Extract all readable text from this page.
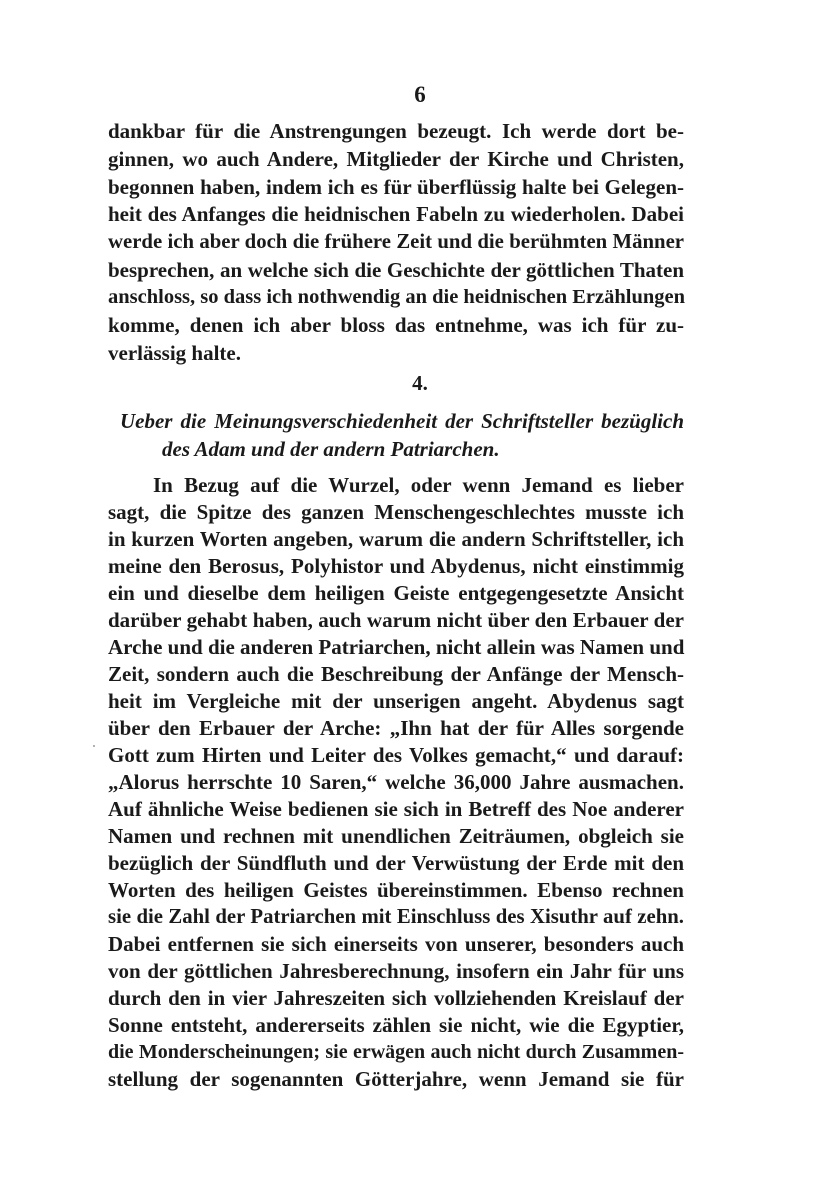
6
dankbar für die Anstrengungen bezeugt. Ich werde dort be-
ginnen, wo auch Andere, Mitglieder der Kirche und Christen,
begonnen haben, indem ich es für überflüssig halte bei Gelegen-
heit des Anfanges die heidnischen Fabeln zu wiederholen. Dabei
werde ich aber doch die frühere Zeit und die berühmten Männer
besprechen, an welche sich die Geschichte der göttlichen Thaten
anschloss, so dass ich nothwendig an die heidnischen Erzählungen
komme, denen ich aber bloss das entnehme, was ich für zu-
verlässig halte.
4.
Ueber die Meinungsverschiedenheit der Schriftsteller bezüglich
des Adam und der andern Patriarchen.
In Bezug auf die Wurzel, oder wenn Jemand es lieber
sagt, die Spitze des ganzen Menschengeschlechtes musste ich
in kurzen Worten angeben, warum die andern Schriftsteller, ich
meine den Berosus, Polyhistor und Abydenus, nicht einstimmig
ein und dieselbe dem heiligen Geiste entgegengesetzte Ansicht
darüber gehabt haben, auch warum nicht über den Erbauer der
Arche und die anderen Patriarchen, nicht allein was Namen und
Zeit, sondern auch die Beschreibung der Anfänge der Mensch-
heit im Vergleiche mit der unserigen angeht. Abydenus sagt
über den Erbauer der Arche: „Ihn hat der für Alles sorgende
Gott zum Hirten und Leiter des Volkes gemacht,“ und darauf:
„Alorus herrschte 10 Saren,“ welche 36,000 Jahre ausmachen.
Auf ähnliche Weise bedienen sie sich in Betreff des Noe anderer
Namen und rechnen mit unendlichen Zeiträumen, obgleich sie
bezüglich der Sündfluth und der Verwüstung der Erde mit den
Worten des heiligen Geistes übereinstimmen. Ebenso rechnen
sie die Zahl der Patriarchen mit Einschluss des Xisuthr auf zehn.
Dabei entfernen sie sich einerseits von unserer, besonders auch
von der göttlichen Jahresberechnung, insofern ein Jahr für uns
durch den in vier Jahreszeiten sich vollziehenden Kreislauf der
Sonne entsteht, andererseits zählen sie nicht, wie die Egyptier,
die Monderscheinungen; sie erwägen auch nicht durch Zusammen-
stellung der sogenannten Götterjahre, wenn Jemand sie für
